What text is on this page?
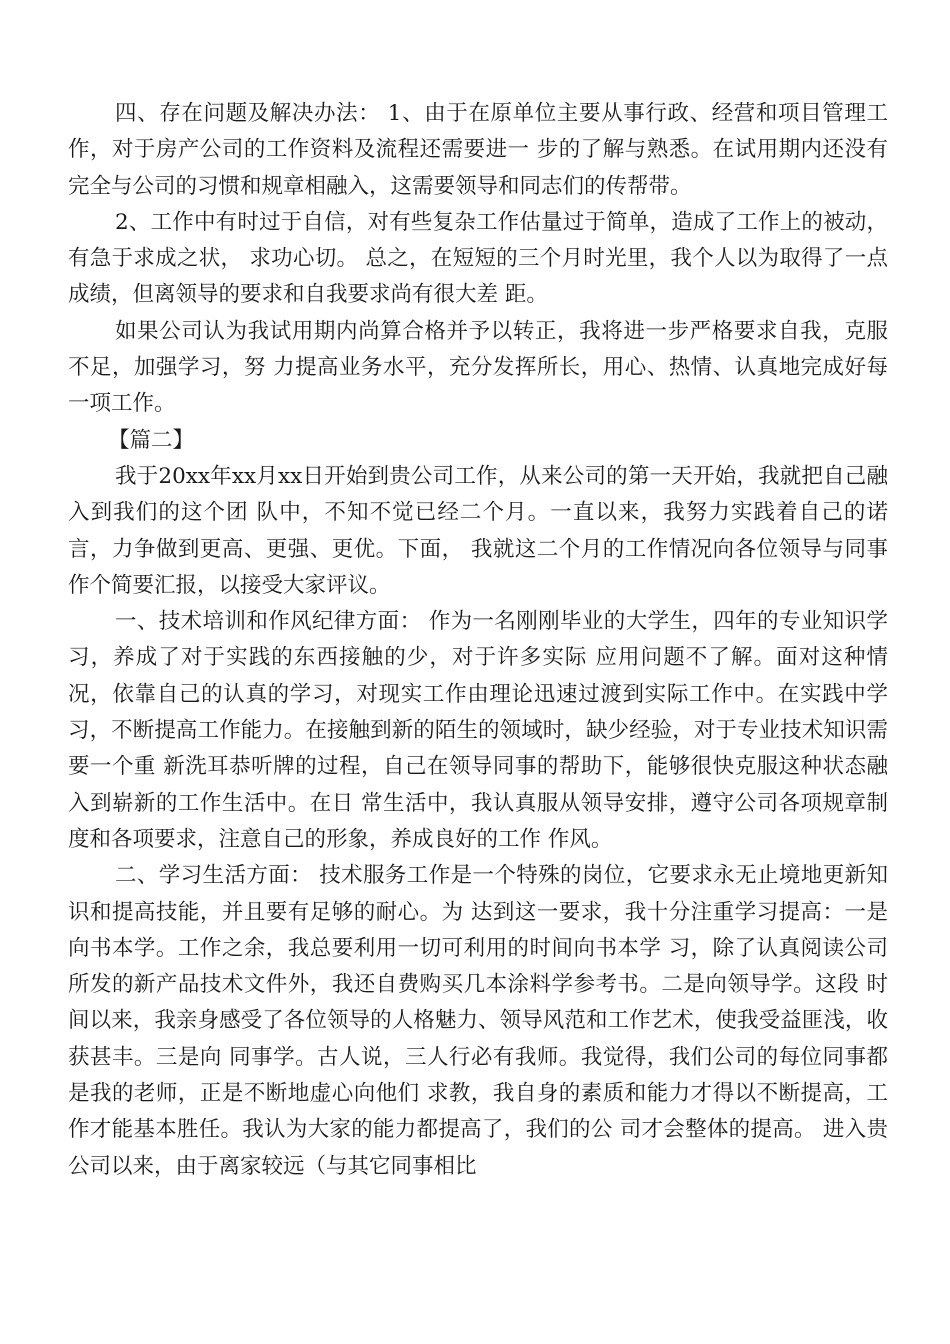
四、存在问题及解决办法： 1、由于在原单位主要从事行政、经营和项目管理工作，对于房产公司的工作资料及流程还需要进一 步的了解与熟悉。在试用期内还没有完全与公司的习惯和规章相融入，这需要领导和同志们的传帮带。

2、工作中有时过于自信，对有些复杂工作估量过于简单，造成了工作上的被动，有急于求成之状， 求功心切。 总之，在短短的三个月时光里，我个人以为取得了一点成绩，但离领导的要求和自我要求尚有很大差 距。

如果公司认为我试用期内尚算合格并予以转正，我将进一步严格要求自我，克服不足，加强学习，努 力提高业务水平，充分发挥所长，用心、热情、认真地完成好每一项工作。

【篇二】

我于20xx年xx月xx日开始到贵公司工作，从来公司的第一天开始，我就把自己融入到我们的这个团 队中，不知不觉已经二个月。一直以来，我努力实践着自己的诺言，力争做到更高、更强、更优。下面， 我就这二个月的工作情况向各位领导与同事作个简要汇报，以接受大家评议。

一、技术培训和作风纪律方面： 作为一名刚刚毕业的大学生，四年的专业知识学习，养成了对于实践的东西接触的少，对于许多实际 应用问题不了解。面对这种情况，依靠自己的认真的学习，对现实工作由理论迅速过渡到实际工作中。在实践中学习，不断提高工作能力。在接触到新的陌生的领域时，缺少经验，对于专业技术知识需要一个重 新洗耳恭听牌的过程，自己在领导同事的帮助下，能够很快克服这种状态融入到崭新的工作生活中。在日 常生活中，我认真服从领导安排，遵守公司各项规章制度和各项要求，注意自己的形象，养成良好的工作 作风。

二、学习生活方面： 技术服务工作是一个特殊的岗位，它要求永无止境地更新知识和提高技能，并且要有足够的耐心。为 达到这一要求，我十分注重学习提高：一是向书本学。工作之余，我总要利用一切可利用的时间向书本学 习，除了认真阅读公司所发的新产品技术文件外，我还自费购买几本涂料学参考书。二是向领导学。这段 时间以来，我亲身感受了各位领导的人格魅力、领导风范和工作艺术，使我受益匪浅，收获甚丰。三是向 同事学。古人说，三人行必有我师。我觉得，我们公司的每位同事都是我的老师，正是不断地虚心向他们 求教，我自身的素质和能力才得以不断提高，工作才能基本胜任。我认为大家的能力都提高了，我们的公 司才会整体的提高。 进入贵公司以来，由于离家较远（与其它同事相比
